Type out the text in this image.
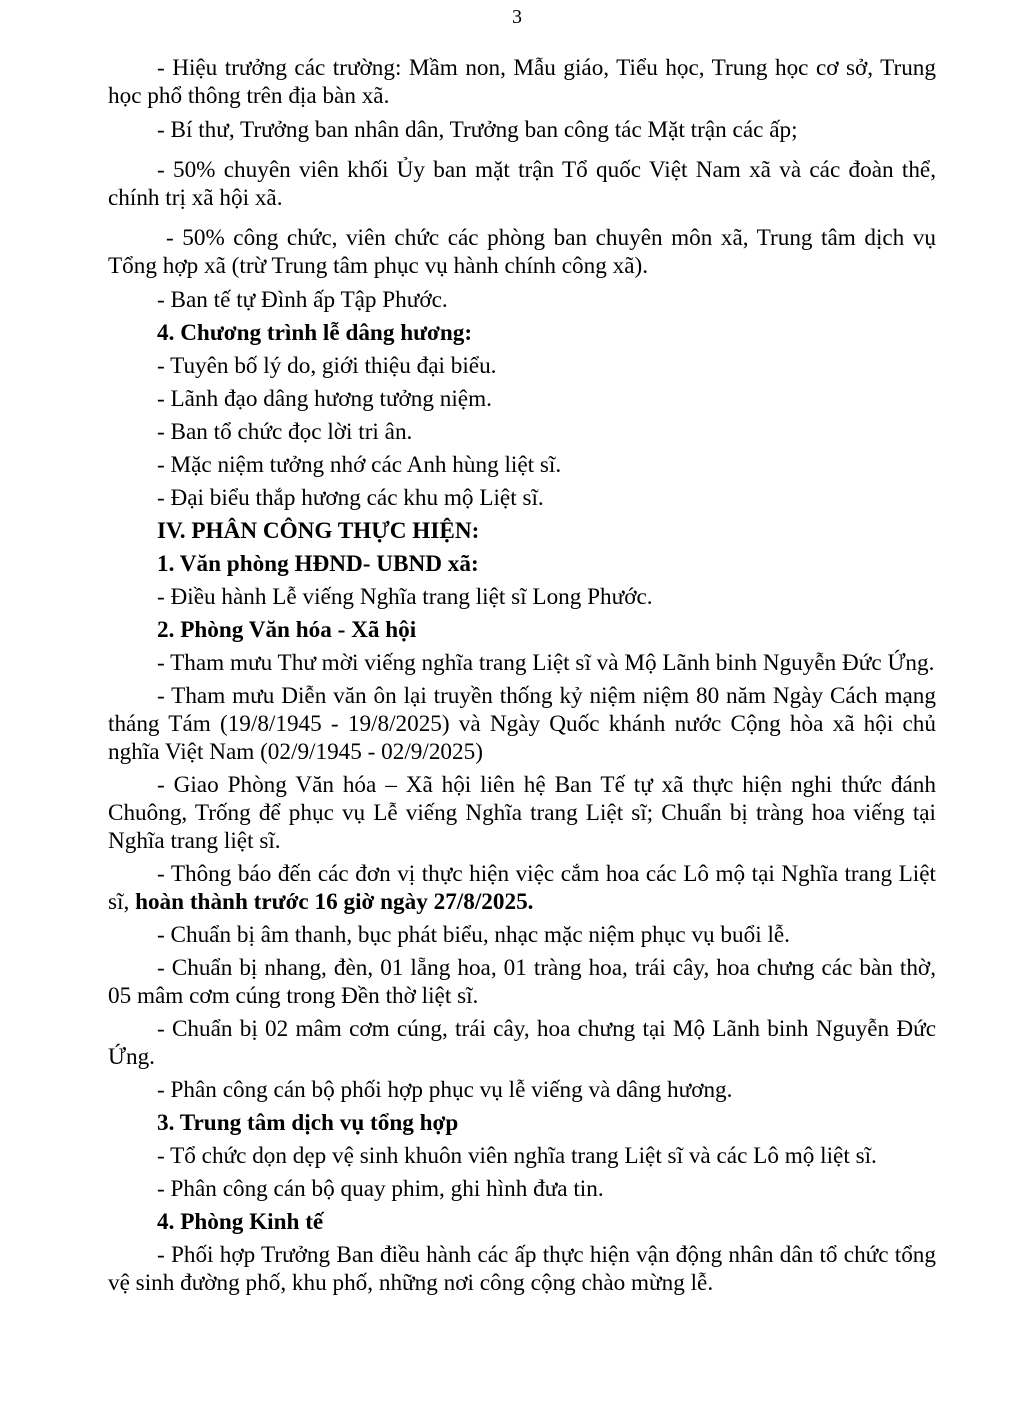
3

- Hiệu trưởng các trường: Mầm non, Mẫu giáo, Tiểu học, Trung học cơ sở, Trung học phổ thông trên địa bàn xã.

- Bí thư, Trưởng ban nhân dân, Trưởng ban công tác Mặt trận các ấp;

- 50% chuyên viên khối Ủy ban mặt trận Tổ quốc Việt Nam xã và các đoàn thể, chính trị xã hội xã.

- 50% công chức, viên chức các phòng ban chuyên môn xã, Trung tâm dịch vụ Tổng hợp xã (trừ Trung tâm phục vụ hành chính công xã).

- Ban tế tự Đình ấp Tập Phước.

4. Chương trình lễ dâng hương:

- Tuyên bố lý do, giới thiệu đại biểu.

- Lãnh đạo dâng hương tưởng niệm.

- Ban tổ chức đọc lời tri ân.

- Mặc niệm tưởng nhớ các Anh hùng liệt sĩ.

- Đại biểu thắp hương các khu mộ Liệt sĩ.

IV. PHÂN CÔNG THỰC HIỆN:

1. Văn phòng HĐND- UBND xã:

- Điều hành Lễ viếng Nghĩa trang liệt sĩ Long Phước.

2. Phòng Văn hóa - Xã hội

- Tham mưu Thư mời viếng nghĩa trang Liệt sĩ và Mộ Lãnh binh Nguyễn Đức Ứng.

- Tham mưu Diễn văn ôn lại truyền thống kỷ niệm niệm 80 năm Ngày Cách mạng tháng Tám (19/8/1945 - 19/8/2025) và Ngày Quốc khánh nước Cộng hòa xã hội chủ nghĩa Việt Nam (02/9/1945 - 02/9/2025)

- Giao Phòng Văn hóa – Xã hội liên hệ Ban Tế tự xã thực hiện nghi thức đánh Chuông, Trống để phục vụ Lễ viếng Nghĩa trang Liệt sĩ; Chuẩn bị tràng hoa viếng tại Nghĩa trang liệt sĩ.

- Thông báo đến các đơn vị thực hiện việc cắm hoa các Lô mộ tại Nghĩa trang Liệt sĩ, hoàn thành trước 16 giờ ngày 27/8/2025.

- Chuẩn bị âm thanh, bục phát biểu, nhạc mặc niệm phục vụ buổi lễ.

- Chuẩn bị nhang, đèn, 01 lẵng hoa, 01 tràng hoa, trái cây, hoa chưng các bàn thờ, 05 mâm cơm cúng trong Đền thờ liệt sĩ.

- Chuẩn bị 02 mâm cơm cúng, trái cây, hoa chưng tại Mộ Lãnh binh Nguyễn Đức Ứng.

- Phân công cán bộ phối hợp phục vụ lễ viếng và dâng hương.

3. Trung tâm dịch vụ tổng hợp

- Tổ chức dọn dẹp vệ sinh khuôn viên nghĩa trang Liệt sĩ và các Lô mộ liệt sĩ.

- Phân công cán bộ quay phim, ghi hình đưa tin.

4. Phòng Kinh tế

- Phối hợp Trưởng Ban điều hành các ấp thực hiện vận động nhân dân tổ chức tổng vệ sinh đường phố, khu phố, những nơi công cộng chào mừng lễ.
